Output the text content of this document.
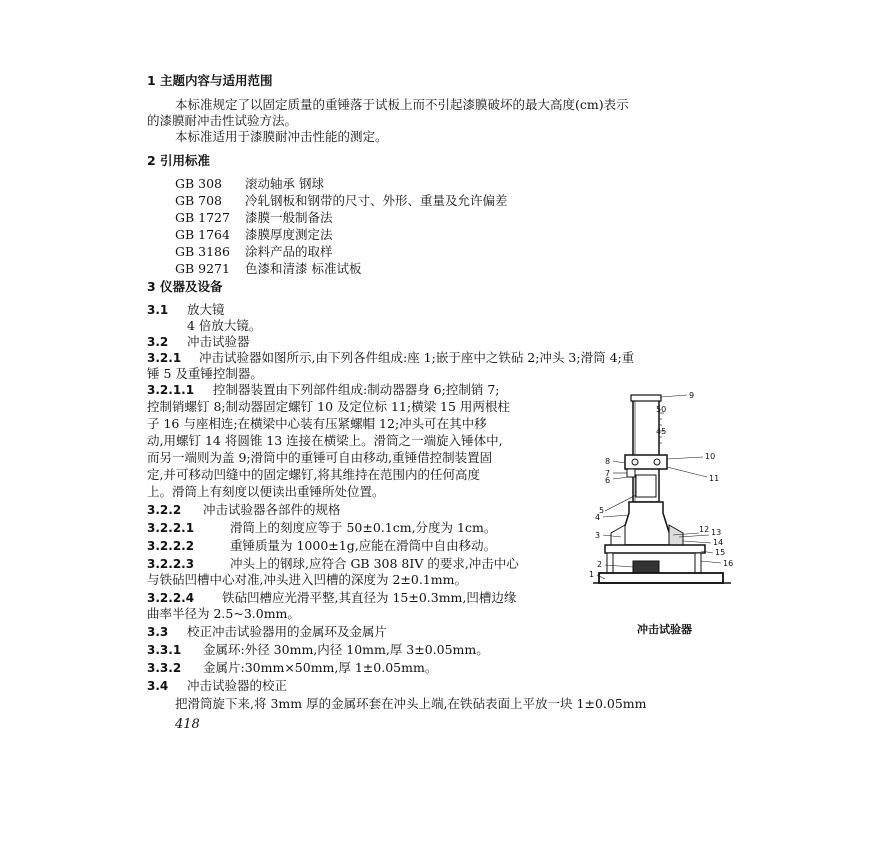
1 主题内容与适用范围
本标准规定了以固定质量的重锤落于试板上而不引起漆膜破坏的最大高度(cm)表示
的漆膜耐冲击性试验方法。
本标准适用于漆膜耐冲击性能的测定。
2 引用标准
GB 308 滚动轴承 钢球
GB 708 冷轧钢板和钢带的尺寸、外形、重量及允许偏差
GB 1727 漆膜一般制备法
GB 1764 漆膜厚度测定法
GB 3186 涂料产品的取样
GB 9271 色漆和清漆 标准试板
3 仪器及设备
3.1 放大镜
4 倍放大镜。
3.2 冲击试验器
3.2.1 冲击试验器如图所示,由下列各件组成:座 1;嵌于座中之铁砧 2;冲头 3;滑筒 4;重
锤 5 及重锤控制器。
3.2.1.1 控制器装置由下列部件组成:制动器器身 6;控制销 7;
控制销螺钉 8;制动器固定螺钉 10 及定位标 11;横梁 15 用两根柱
子 16 与座相连;在横梁中心装有压紧螺帽 12;冲头可在其中移
动,用螺钉 14 将圆锥 13 连接在横梁上。滑筒之一端旋入锤体中,
而另一端则为盖 9;滑筒中的重锤可自由移动,重锤借控制装置固
定,并可移动凹缝中的固定螺钉,将其维持在范围内的任何高度
上。滑筒上有刻度以便读出重锤所处位置。
3.2.2 冲击试验器各部件的规格
3.2.2.1	滑筒上的刻度应等于 50±0.1cm,分度为 1cm。
3.2.2.2	重锤质量为 1000±1g,应能在滑筒中自由移动。
3.2.2.3	冲头上的钢球,应符合 GB 308 8IV 的要求,冲击中心
与铁砧凹槽中心对准,冲头进入凹槽的深度为 2±0.1mm。
3.2.2.4 铁砧凹槽应光滑平整,其直径为 15±0.3mm,凹槽边缘
曲率半径为 2.5~3.0mm。
3.3 校正冲击试验器用的金属环及金属片
3.3.1 金属环:外径 30mm,内径 10mm,厚 3±0.05mm。
3.3.2 金属片:30mm×50mm,厚 1±0.05mm。
3.4 冲击试验器的校正
把滑筒旋下来,将 3mm 厚的金属环套在冲头上端,在铁砧表面上平放一块 1±0.05mm
418
50
45
9
10
11
8
7
6
5
4
3
12 13
14
15
16
2
1
冲击试验器
